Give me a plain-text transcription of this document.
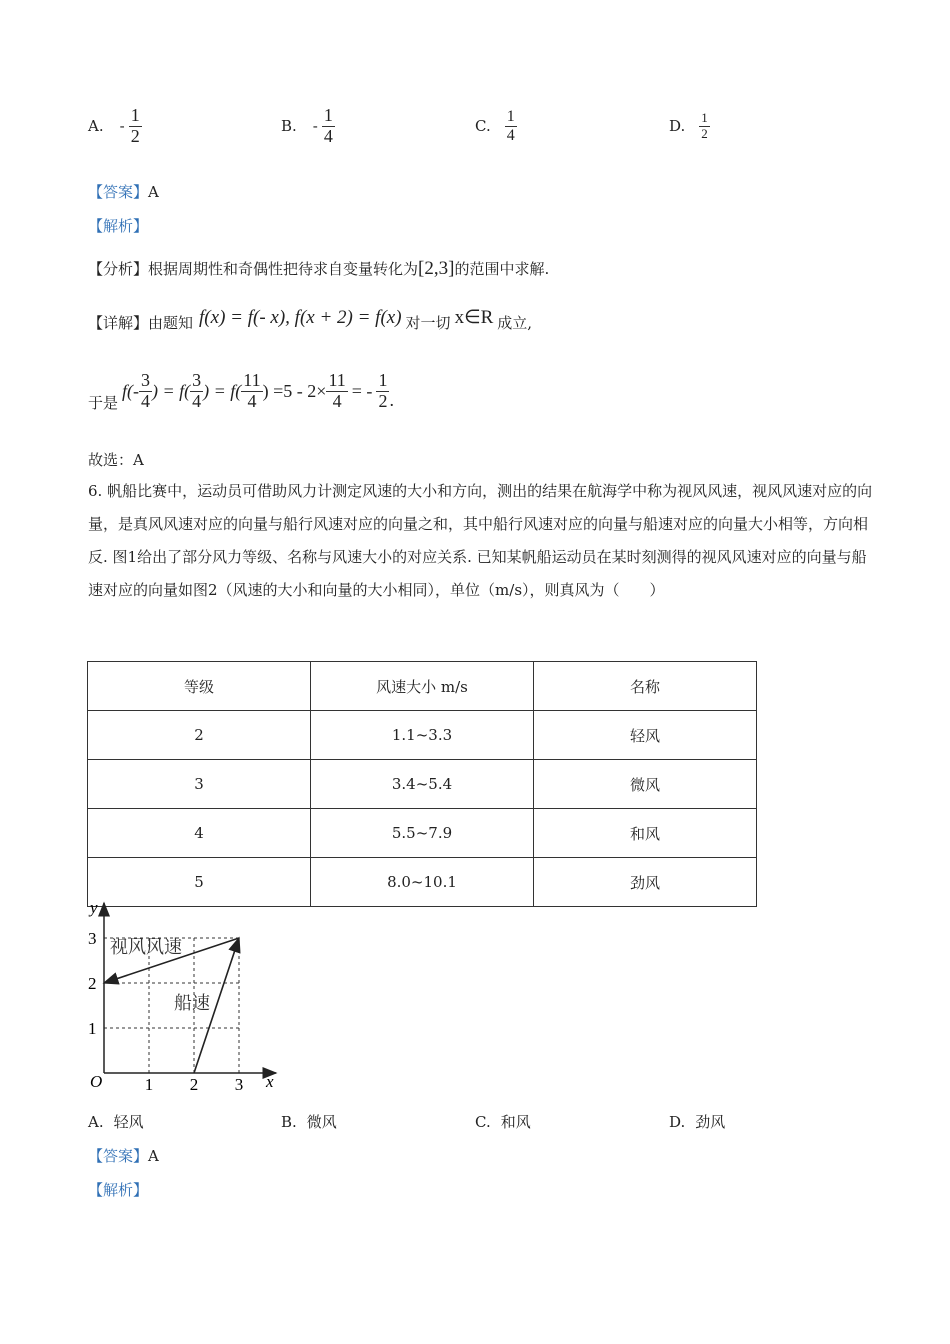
A. - $\frac{1}{2}$	B. - $\frac{1}{4}$	C. $\frac{1}{4}$	D. $\frac{1}{2}$
【答案】A
【解析】
【分析】根据周期性和奇偶性把待求自变量转化为[2,3]的范围中求解.
【详解】 由题知 f(x) = f(- x), f(x + 2) = f(x) 对一切 x∈R 成立,
于是
$f(- \frac{3}{4}$ ) = $f( \frac{3}{4}$ ) = $f( \frac{11}{4}$ ) $=5 - 2\times \frac{11}{4}$ = - $\frac{1}{2}$ .
故选：A
6. 帆船比赛中，运动员可借助风力计测定风速的大小和方向，测出的结果在航海学中称为视风风速，视风风速对应的向量，是真风风速对应的向量与船行风速对应的向量之和，其中船行风速对应的向量与船速对应的向量大小相等，方向相反. 图1给出了部分风力等级、名称与风速大小的对应关系. 已知某帆船运动员在某时刻测得的视风风速对应的向量与船速对应的向量如图2（风速的大小和向量的大小相同），单位（m/s），则真风为（　　）
等级	风速大小 m/s	名称
2	1.1~3.3	轻风
3	3.4~5.4	微风
4	5.5~7.9	和风
5	8.0~10.1	劲风
y
x
O 1 2 3
1
2
3 视风风速
船速
A. 轻风	B. 微风	C. 和风	D. 劲风
【答案】A
【解析】
